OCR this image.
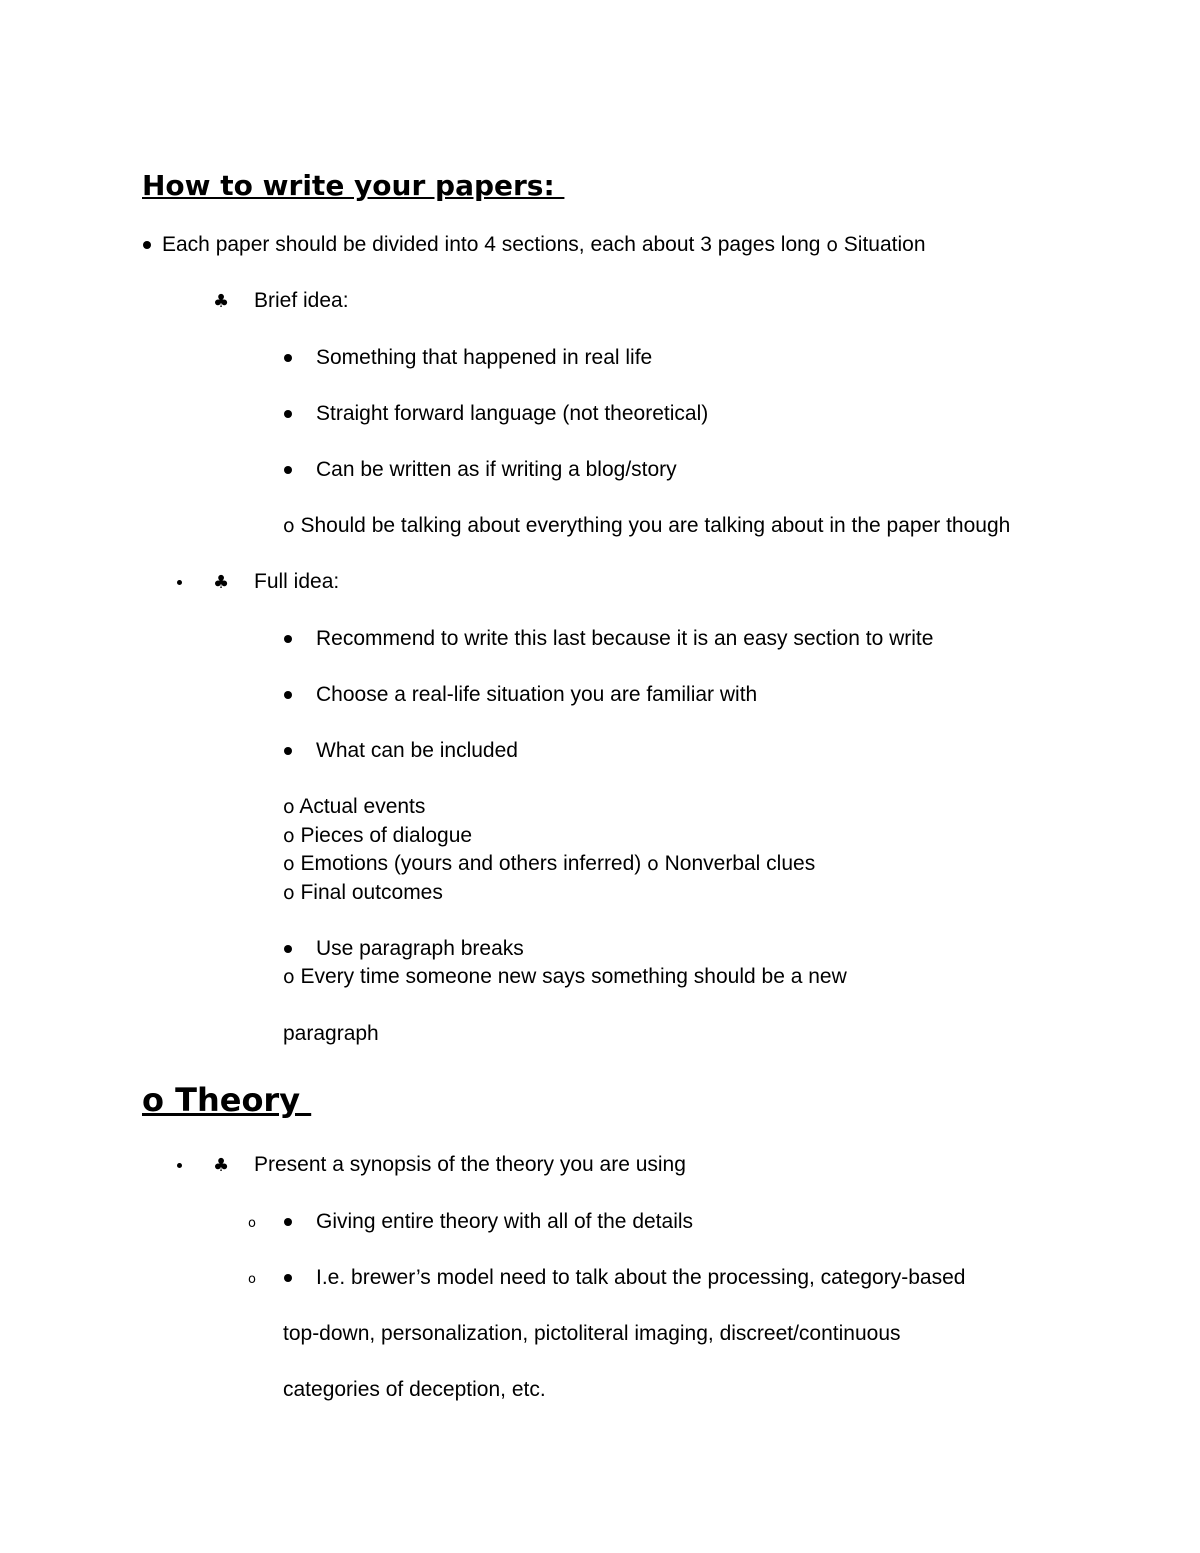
How to write your papers:
Each paper should be divided into 4 sections, each about 3 pages long o Situation
♣ Brief idea:
Something that happened in real life
Straight forward language (not theoretical)
Can be written as if writing a blog/story
o Should be talking about everything you are talking about in the paper though
♣ Full idea:
Recommend to write this last because it is an easy section to write
Choose a real-life situation you are familiar with
What can be included
o Actual events
o Pieces of dialogue
o Emotions (yours and others inferred) o Nonverbal clues
o Final outcomes
Use paragraph breaks
o Every time someone new says something should be a new
paragraph
o Theory
♣ Present a synopsis of the theory you are using
o	Giving entire theory with all of the details
o	I.e. brewer’s model need to talk about the processing, category-based
top-down, personalization, pictoliteral imaging, discreet/continuous
categories of deception, etc.
